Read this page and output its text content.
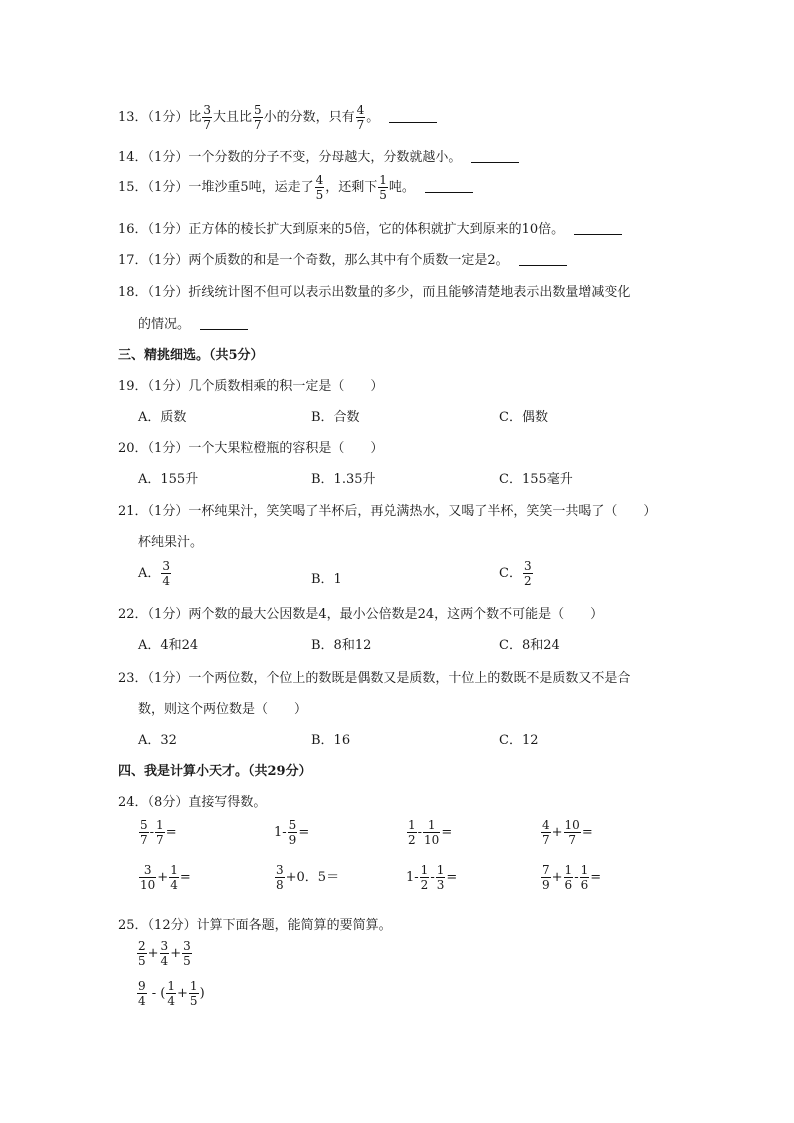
13．（1分）比 $\frac{3}{7}$ 大且比 $\frac{5}{7}$ 小的分数，只有 $\frac{4}{7}$ 。
14．（1分）一个分数的分子不变，分母越大，分数就越小。
15．（1分）一堆沙重5吨，运走了 $\frac{4}{5}$ ，还剩下 $\frac{1}{5}$ 吨。
16．（1分）正方体的棱长扩大到原来的5倍，它的体积就扩大到原来的10倍。
17．（1分）两个质数的和是一个奇数，那么其中有个质数一定是2。
18．（1分）折线统计图不但可以表示出数量的多少，而且能够清楚地表示出数量增减变化
的情况。
三、精挑细选。（共5分）
19．（1分）几个质数相乘的积一定是（　　）
A．质数	B．合数	C．偶数
20．（1分）一个大果粒橙瓶的容积是（　　）
A．155升	B．1.35升	C．155毫升
21．（1分）一杯纯果汁，笑笑喝了半杯后，再兑满热水，又喝了半杯，笑笑一共喝了（　　）
杯纯果汁。
A． $\frac{3}{4}$	B．1	C． $\frac{3}{2}$
22．（1分）两个数的最大公因数是4，最小公倍数是24，这两个数不可能是（　　）
A．4和24	B．8和12	C．8和24
23．（1分）一个两位数，个位上的数既是偶数又是质数，十位上的数既不是质数又不是合
数，则这个两位数是（　　）
A．32	B．16	C．12
四、我是计算小天才。（共29分）
24．（8分）直接写得数。
$\frac{5}{7} - \frac{1}{7}$ =	$1- \frac{5}{9}$ =	$\frac{1}{2} - \frac{1}{10}$ =	$\frac{4}{7} + \frac{10}{7}$ =
$\frac{3}{10} + \frac{1}{4}$ =	$\frac{3}{8} +0$．5＝	$1- \frac{1}{2} - \frac{1}{3}$ =	$\frac{7}{9} + \frac{1}{6} - \frac{1}{6}$ =
25．（12分）计算下面各题，能简算的要简算。
$\frac{2}{5} + \frac{3}{4} + \frac{3}{5}$
$\frac{9}{4}$ - ( $\frac{1}{4} + \frac{1}{5}$ )
